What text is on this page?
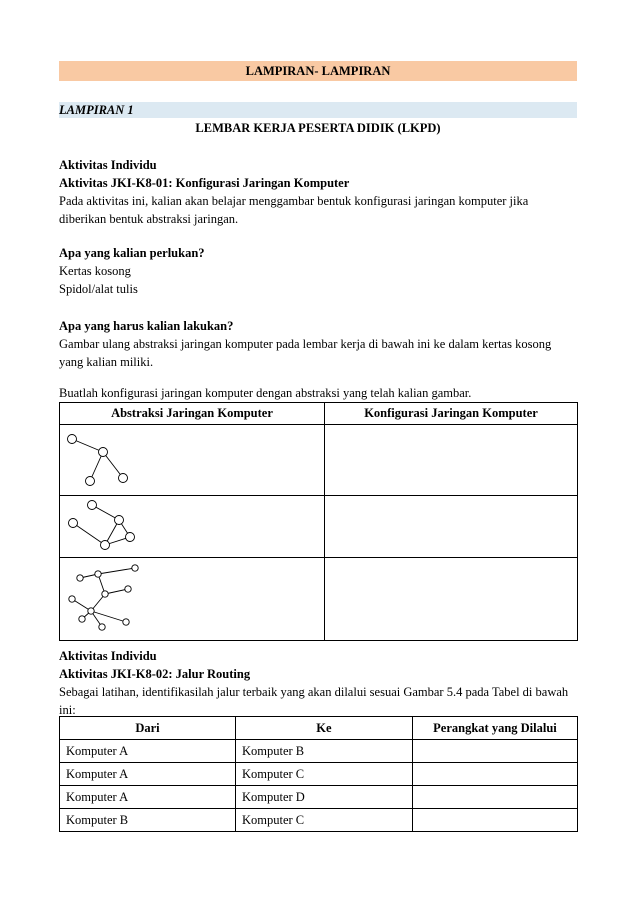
LAMPIRAN- LAMPIRAN
LAMPIRAN 1
LEMBAR KERJA PESERTA DIDIK (LKPD)
Aktivitas Individu
Aktivitas JKI-K8-01: Konfigurasi Jaringan Komputer
Pada aktivitas ini, kalian akan belajar menggambar bentuk konfigurasi jaringan komputer jika diberikan bentuk abstraksi jaringan.
Apa yang kalian perlukan?
Kertas kosong
Spidol/alat tulis
Apa yang harus kalian lakukan?
Gambar ulang abstraksi jaringan komputer pada lembar kerja di bawah ini ke dalam kertas kosong yang kalian miliki.
Buatlah konfigurasi jaringan komputer dengan abstraksi yang telah kalian gambar.
Abstraksi Jaringan Komputer	Konfigurasi Jaringan Komputer

Aktivitas Individu
Aktivitas JKI-K8-02: Jalur Routing
Sebagai latihan, identifikasilah jalur terbaik yang akan dilalui sesuai Gambar 5.4 pada Tabel di bawah ini:
Dari	Ke	Perangkat yang Dilalui
Komputer A	Komputer B	
Komputer A	Komputer C	
Komputer A	Komputer D	
Komputer B	Komputer C	
